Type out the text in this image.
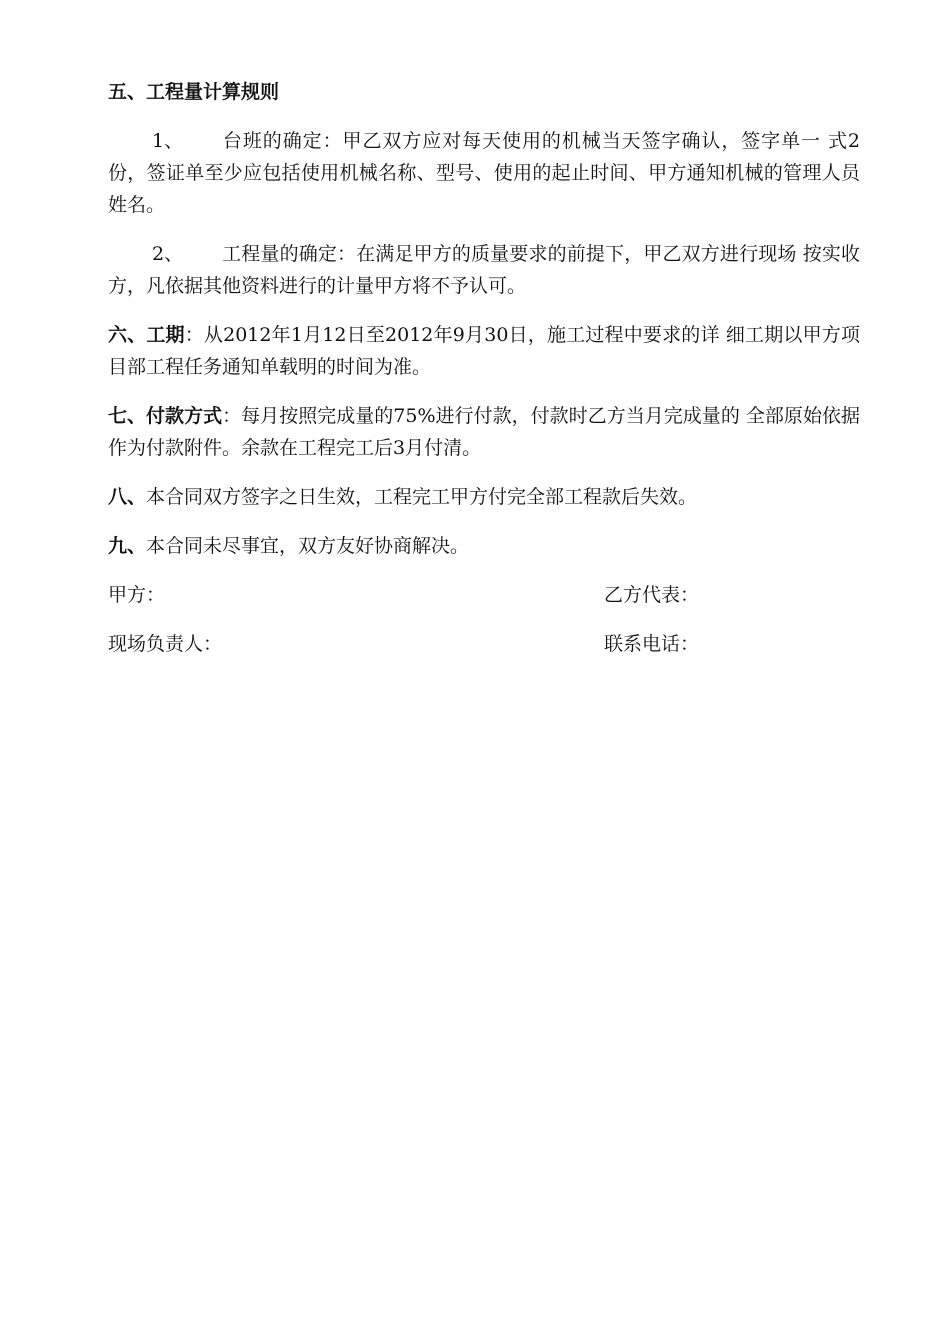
五、工程量计算规则
1、 台班的确定：甲乙双方应对每天使用的机械当天签字确认，签字单一 式2份，签证单至少应包括使用机械名称、型号、使用的起止时间、甲方通知机械的管理人员姓名。
2、 工程量的确定：在满足甲方的质量要求的前提下，甲乙双方进行现场 按实收方，凡依据其他资料进行的计量甲方将不予认可。
六、工期：从2012年1月12日至2012年9月30日，施工过程中要求的详 细工期以甲方项目部工程任务通知单载明的时间为准。
七、付款方式：每月按照完成量的75%进行付款，付款时乙方当月完成量的 全部原始依据作为付款附件。余款在工程完工后3月付清。
八、本合同双方签字之日生效，工程完工甲方付完全部工程款后失效。
九、本合同未尽事宜，双方友好协商解决。
甲方：	乙方代表：
现场负责人：	联系电话：
